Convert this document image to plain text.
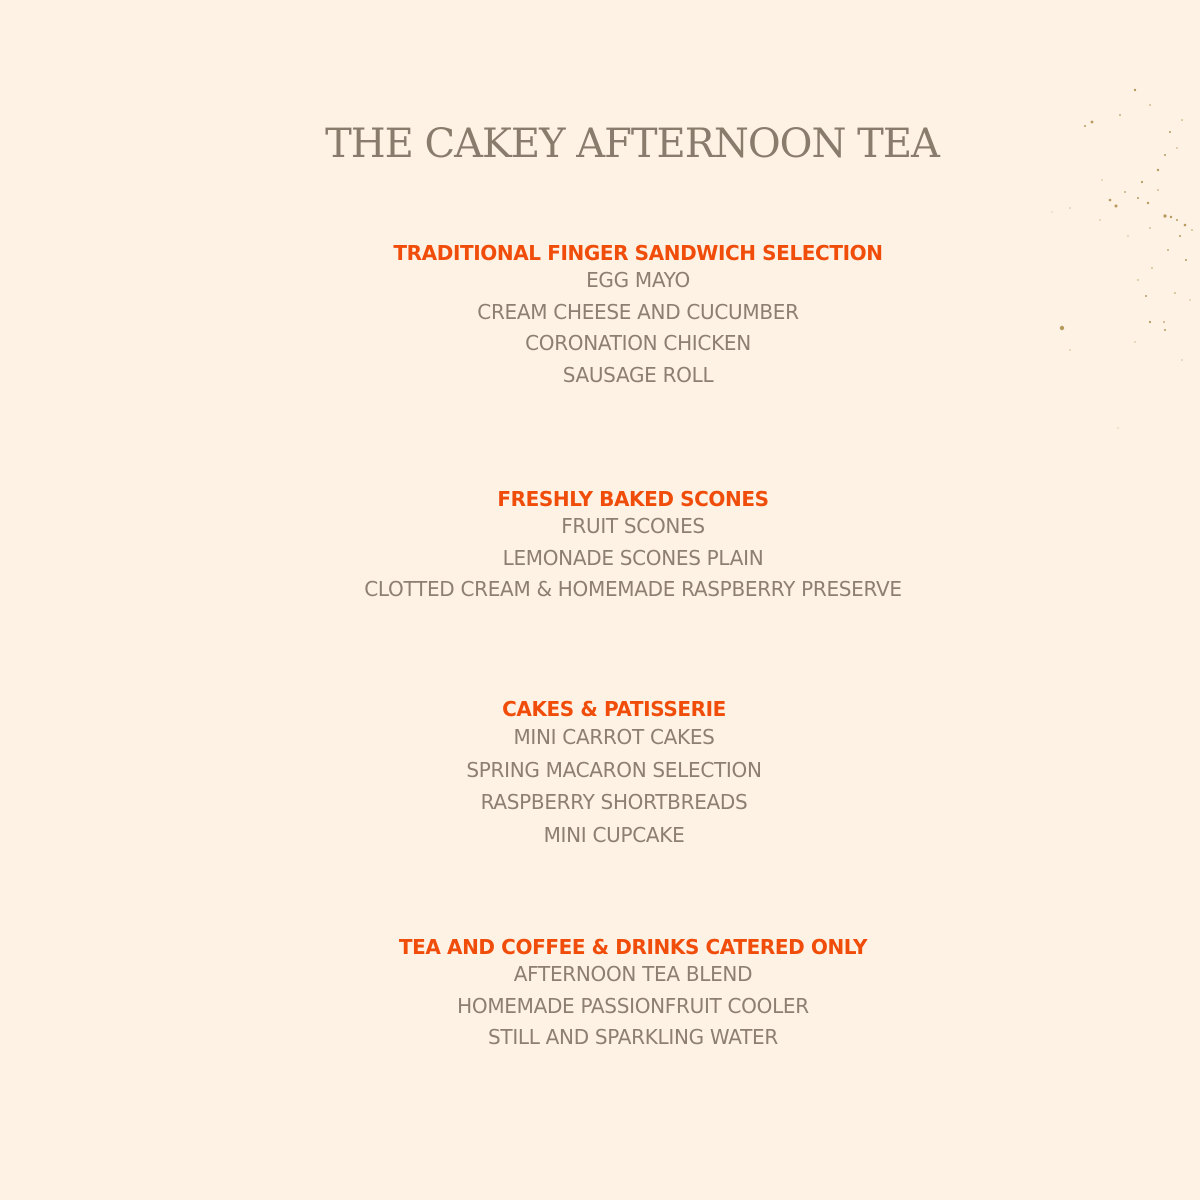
THE CAKEY AFTERNOON TEA
TRADITIONAL FINGER SANDWICH SELECTION
EGG MAYO
CREAM CHEESE AND CUCUMBER
CORONATION CHICKEN
SAUSAGE ROLL
FRESHLY BAKED SCONES
FRUIT SCONES
LEMONADE SCONES PLAIN
CLOTTED CREAM & HOMEMADE RASPBERRY PRESERVE
CAKES & PATISSERIE
MINI CARROT CAKES
SPRING MACARON SELECTION
RASPBERRY SHORTBREADS
MINI CUPCAKE
TEA AND COFFEE & DRINKS CATERED ONLY
AFTERNOON TEA BLEND
HOMEMADE PASSIONFRUIT COOLER
STILL AND SPARKLING WATER
